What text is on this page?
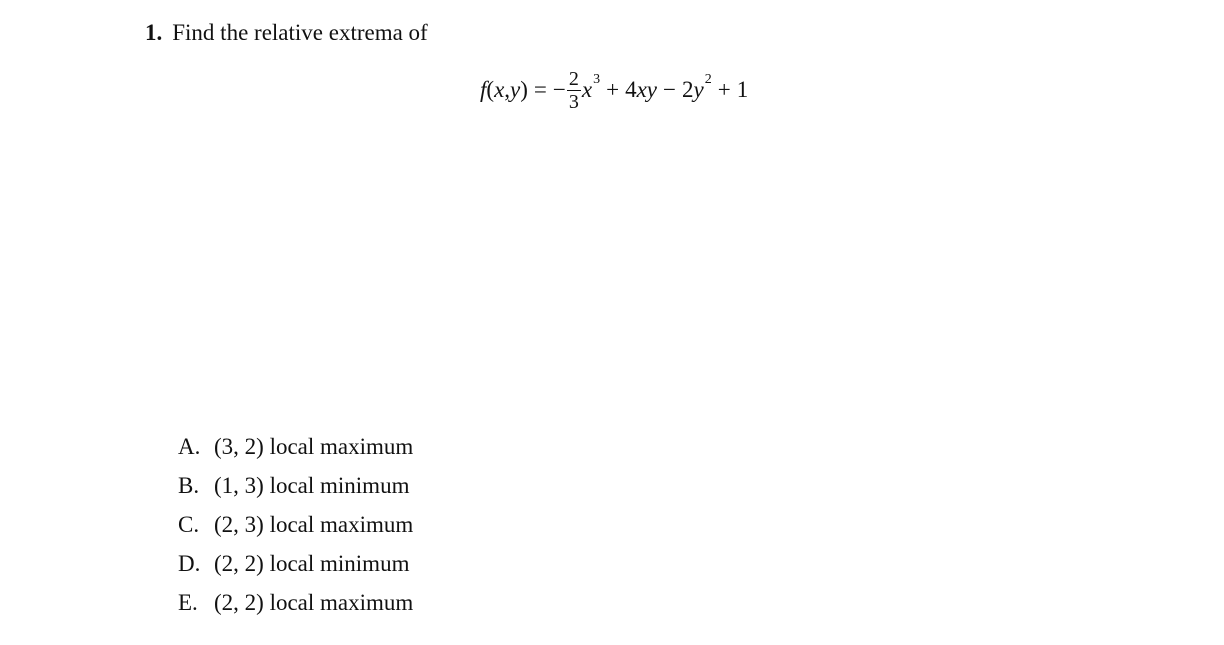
1. Find the relative extrema of
f ( x , y ) = − $\frac{2}{3} x^3 + 4$ xy − 2 $y^2 + 1$
A. (3, 2) local maximum
B. (1, 3) local minimum
C. (2, 3) local maximum
D. (2, 2) local minimum
E. (2, 2) local maximum
